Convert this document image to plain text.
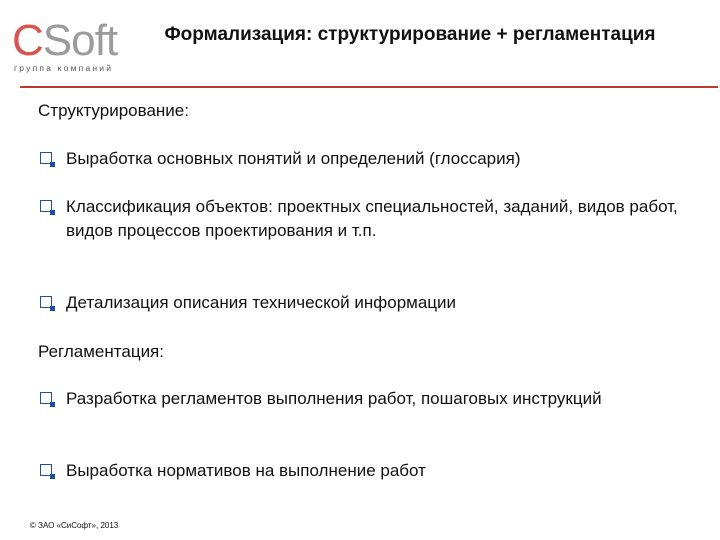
CSoft
группа компаний
Формализация: структурирование + регламентация
Структурирование:
Выработка основных понятий и определений (глоссария)
Классификация объектов: проектных специальностей, заданий, видов работ, видов процессов проектирования и т.п.
Детализация описания технической информации
Регламентация:
Разработка регламентов выполнения работ, пошаговых инструкций
Выработка нормативов на выполнение работ
© ЗАО «СиСофт», 2013
